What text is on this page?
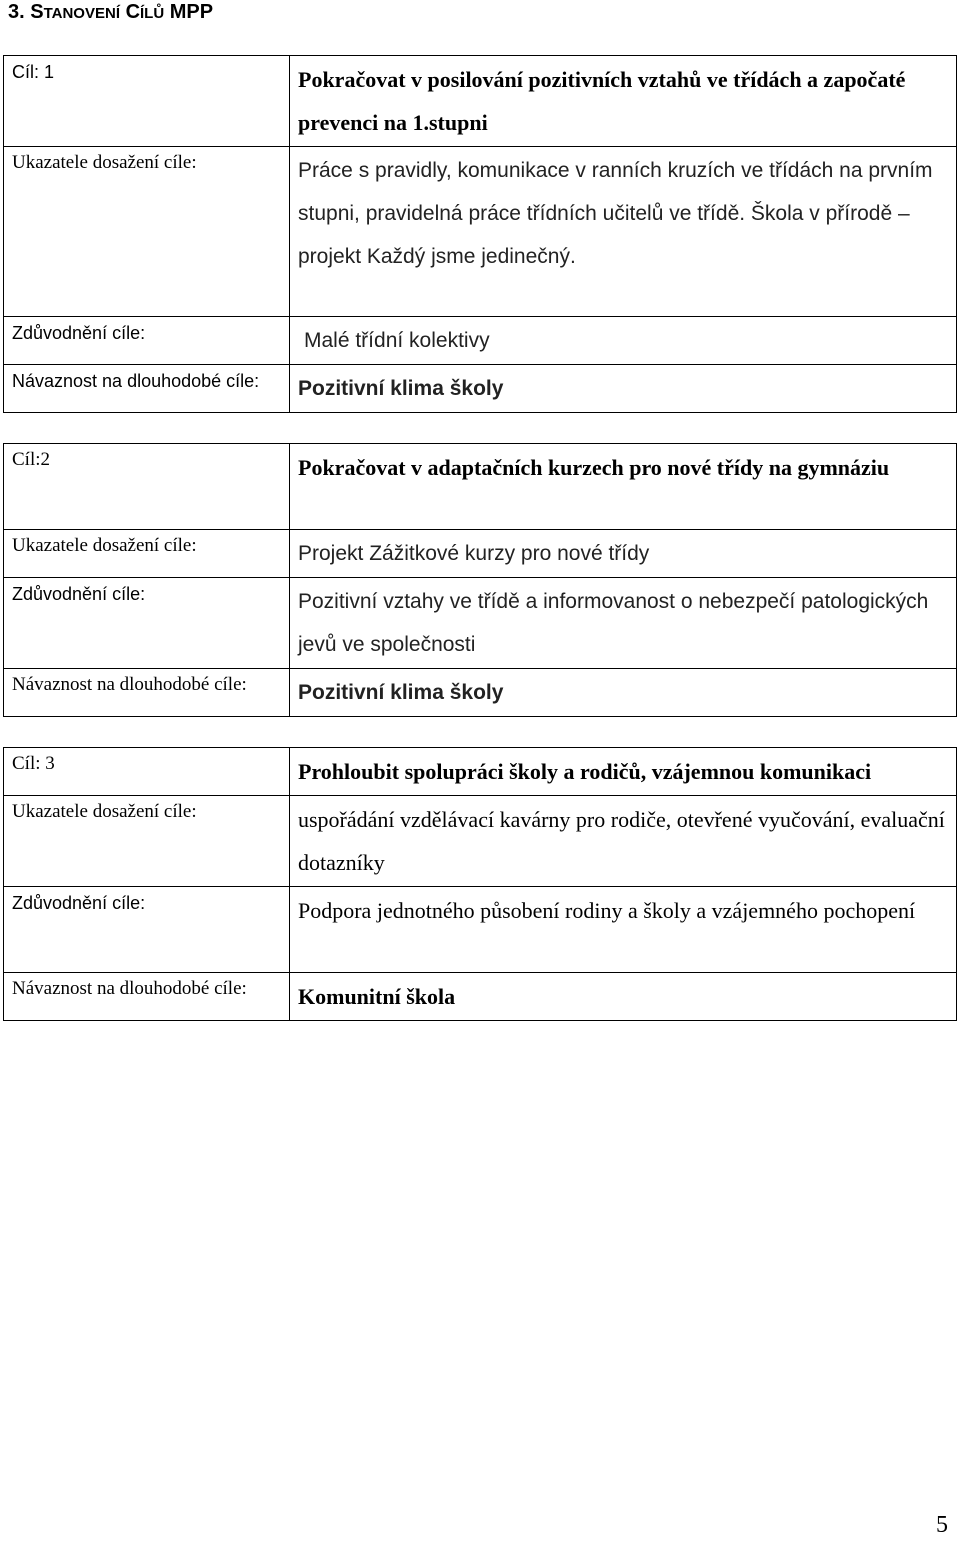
3. STANOVENÍ CÍLŮ MPP
Cíl: 1	Pokračovat v posilování pozitivních vztahů ve třídách a započaté prevenci na 1.stupni
Ukazatele dosažení cíle:	Práce s pravidly, komunikace v ranních kruzích ve třídách na prvním stupni, pravidelná práce třídních učitelů ve třídě. Škola v přírodě – projekt Každý jsme jedinečný.
Zdůvodnění cíle:	Malé třídní kolektivy
Návaznost na dlouhodobé cíle:	Pozitivní klima školy
Cíl:2	Pokračovat v adaptačních kurzech pro nové třídy na gymnáziu
Ukazatele dosažení cíle:	Projekt Zážitkové kurzy pro nové třídy
Zdůvodnění cíle:	Pozitivní vztahy ve třídě a informovanost o nebezpečí patologických jevů ve společnosti
Návaznost na dlouhodobé cíle:	Pozitivní klima školy
Cíl: 3	Prohloubit spolupráci školy a rodičů, vzájemnou komunikaci
Ukazatele dosažení cíle:	uspořádání vzdělávací kavárny pro rodiče, otevřené vyučování, evaluační dotazníky
Zdůvodnění cíle:	Podpora jednotného působení rodiny a školy a vzájemného pochopení
Návaznost na dlouhodobé cíle:	Komunitní škola
5
